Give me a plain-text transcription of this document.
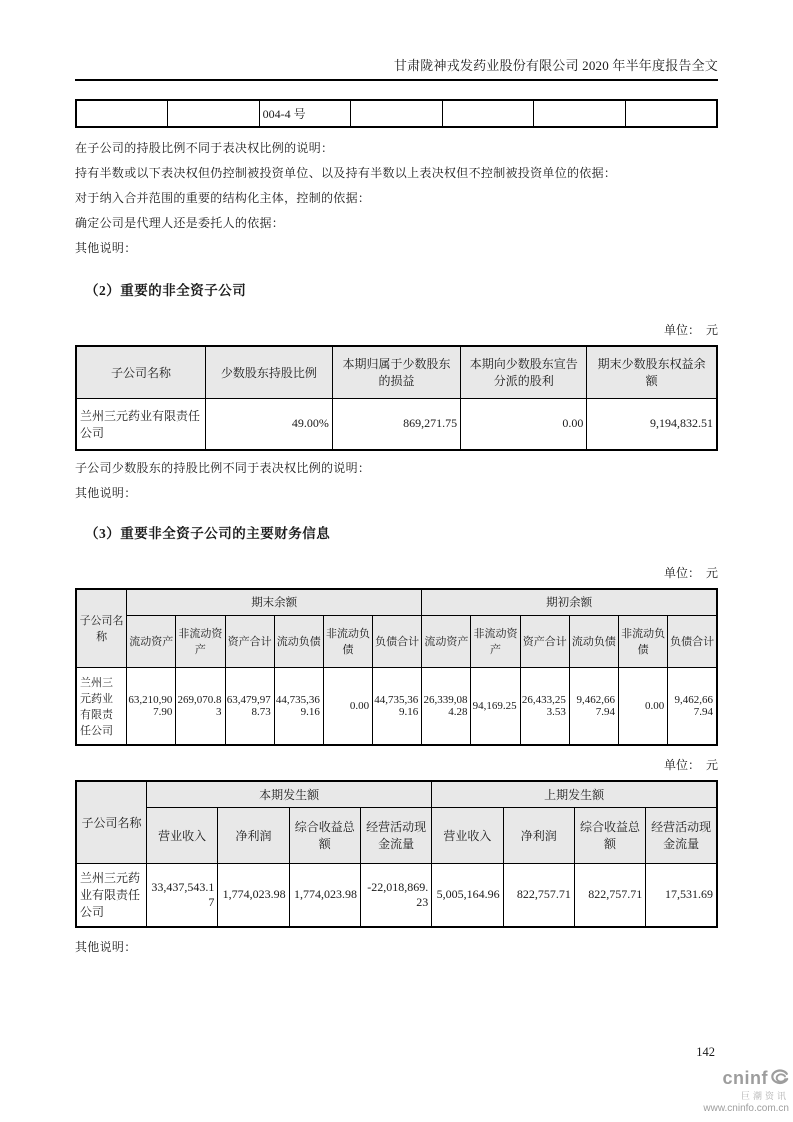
甘肃陇神戎发药业股份有限公司 2020 年半年度报告全文
		004-4 号				
在子公司的持股比例不同于表决权比例的说明：
持有半数或以下表决权但仍控制被投资单位、以及持有半数以上表决权但不控制被投资单位的依据：
对于纳入合并范围的重要的结构化主体，控制的依据：
确定公司是代理人还是委托人的依据：
其他说明：
（2）重要的非全资子公司
单位：　元
子公司名称	少数股东持股比例	本期归属于少数股东的损益	本期向少数股东宣告分派的股利	期末少数股东权益余额
兰州三元药业有限责任公司	49.00%	869,271.75	0.00	9,194,832.51
子公司少数股东的持股比例不同于表决权比例的说明：
其他说明：
（3）重要非全资子公司的主要财务信息
单位：　元
子公司名称	期末余额						期初余额					
	流动资产	非流动资产	资产合计	流动负债	非流动负债	负债合计	流动资产	非流动资产	资产合计	流动负债	非流动负债	负债合计
兰州三元药业有限责任公司	63,210,907.90	269,070.83	63,479,978.73	44,735,369.16	0.00	44,735,369.16	26,339,084.28	94,169.25	26,433,253.53	9,462,667.94	0.00	9,462,667.94
单位：　元
子公司名称	本期发生额				上期发生额			
	营业收入	净利润	综合收益总额	经营活动现金流量	营业收入	净利润	综合收益总额	经营活动现金流量
兰州三元药业有限责任公司	33,437,543.17	1,774,023.98	1,774,023.98	-22,018,869.23	5,005,164.96	822,757.71	822,757.71	17,531.69
其他说明：
142
cninf
巨潮资讯
www.cninfo.com.cn
